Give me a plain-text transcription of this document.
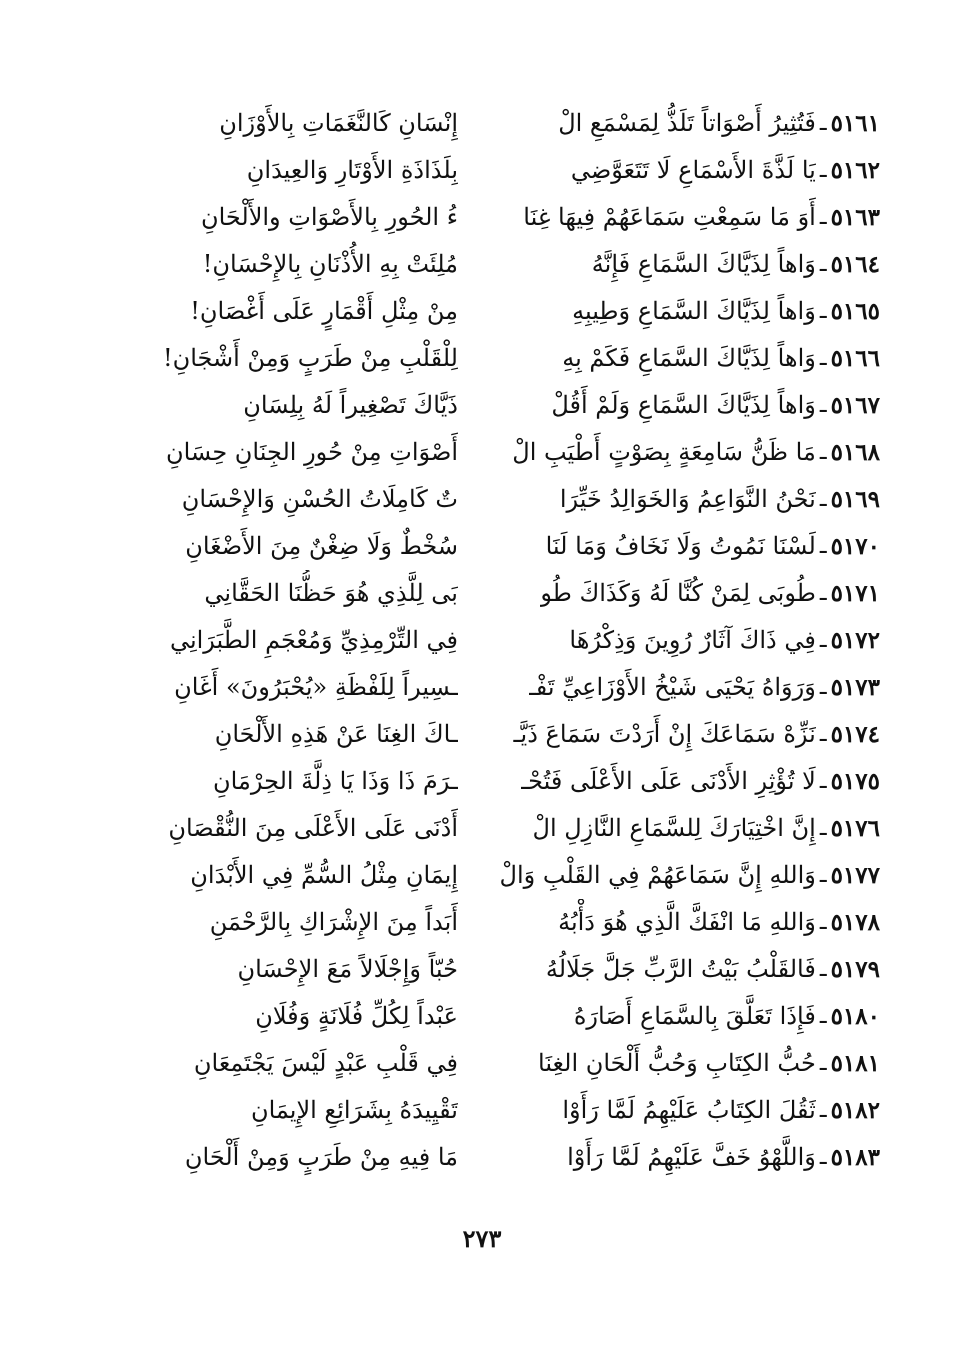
٥١٦١
ـ
فَتُثِيرُ أَصْوَاتاً تَلَذُّ لِمَسْمَعِ الْ
إِنْسَانِ كَالنَّغَمَاتِ بِالأَوْزَانِ
٥١٦٢
ـ
يَا لَذَّةَ الأَسْمَاعِ لَا تَتَعَوَّضِي
بِلَذَاذَةِ الأَوْتَارِ وَالعِيدَانِ
٥١٦٣
ـ
أَوَ مَا سَمِعْتِ سَمَاعَهُمْ فِيهَا غِنَا
ءُ الحُورِ بِالأَصْوَاتِ والأَلْحَانِ
٥١٦٤
ـ
وَاهاً لِذَيَّاكَ السَّمَاعِ فَإِنَّهُ
مُلِئَتْ بِهِ الأُذْنَانِ بِالإِحْسَانِ!
٥١٦٥
ـ
وَاهاً لِذَيَّاكَ السَّمَاعِ وَطِيبِهِ
مِنْ مِثْلِ أَقْمَارٍ عَلَى أَغْصَانِ!
٥١٦٦
ـ
وَاهاً لِذَيَّاكَ السَّمَاعِ فَكَمْ بِهِ
لِلْقَلْبِ مِنْ طَرَبٍ وَمِنْ أَشْجَانِ!
٥١٦٧
ـ
وَاهاً لِذَيَّاكَ السَّمَاعِ وَلَمْ أَقُلْ
ذَيَّاكَ تَصْغِيراً لَهُ بِلِسَانِ
٥١٦٨
ـ
مَا ظَنُّ سَامِعَةٍ بِصَوْتٍ أَطْيَبِ الْ
أَصْوَاتِ مِنْ حُورِ الجِنَانِ حِسَانِ
٥١٦٩
ـ
نَحْنُ النَّوَاعِمُ وَالخَوَالِدُ خَيِّرَا
تٌ كَامِلَاتُ الحُسْنِ وَالإِحْسَانِ
٥١٧٠
ـ
لَسْنَا نَمُوتُ وَلَا نَخَافُ وَمَا لَنَا
سُخْطٌ وَلَا ضِغْنٌ مِنَ الأَضْغَانِ
٥١٧١
ـ
طُوبَى لِمَنْ كُنَّا لَهُ وَكَذَاكَ طُو
بَى لِلَّذِي هُوَ حَظُّنَا الحَقَّانِي
٥١٧٢
ـ
فِي ذَاكَ آثَارٌ رُوِينَ وَذِكْرُهَا
فِي التِّرْمِذِيِّ وَمُعْجَمِ الطَّبَرَانِي
٥١٧٣
ـ
وَرَوَاهُ يَحْيَى شَيْخُ الأَوْزَاعِيِّ تَفْـ
ـسِيراً لِلَفْظَةِ «يُحْبَرُونَ» أَغَانِ
٥١٧٤
ـ
نَزِّهْ سَمَاعَكَ إِنْ أَرَدْتَ سَمَاعَ ذَيَّـ
ـاكَ الغِنَا عَنْ هَذِهِ الأَلْحَانِ
٥١٧٥
ـ
لَا تُؤْثِرِ الأَدْنَى عَلَى الأَعْلَى فَتُحْـ
ـرَمَ ذَا وَذَا يَا ذِلَّةَ الحِرْمَانِ
٥١٧٦
ـ
إِنَّ اخْتِيَارَكَ لِلسَّمَاعِ النَّازِلِ الْ
أَدْنَى عَلَى الأَعْلَى مِنَ النُّقْصَانِ
٥١٧٧
ـ
وَاللهِ إِنَّ سَمَاعَهُمْ فِي القَلْبِ وَالْ
إِيمَانِ مِثْلُ السُّمِّ فِي الأَبْدَانِ
٥١٧٨
ـ
وَاللهِ مَا انْفَكَّ الَّذِي هُوَ دَأْبُهُ
أَبَداً مِنَ الإِشْرَاكِ بِالرَّحْمَنِ
٥١٧٩
ـ
فَالقَلْبُ بَيْتُ الرَّبِّ جَلَّ جَلَالُهُ
حُبّاً وَإِجْلَالاً مَعَ الإِحْسَانِ
٥١٨٠
ـ
فَإِذَا تَعَلَّقَ بِالسَّمَاعِ أَصَارَهُ
عَبْداً لِكُلِّ فُلَانَةٍ وَفُلَانِ
٥١٨١
ـ
حُبُّ الكِتَابِ وَحُبُّ أَلْحَانِ الغِنَا
فِي قَلْبِ عَبْدٍ لَيْسَ يَجْتَمِعَانِ
٥١٨٢
ـ
ثَقُلَ الكِتَابُ عَلَيْهِمُ لَمَّا رَأَوْا
تَقْيِيدَهُ بِشَرَائِعِ الإِيمَانِ
٥١٨٣
ـ
وَاللَّهْوُ خَفَّ عَلَيْهِمُ لَمَّا رَأَوْا
مَا فِيهِ مِنْ طَرَبٍ وَمِنْ أَلْحَانِ
٢٧٣
